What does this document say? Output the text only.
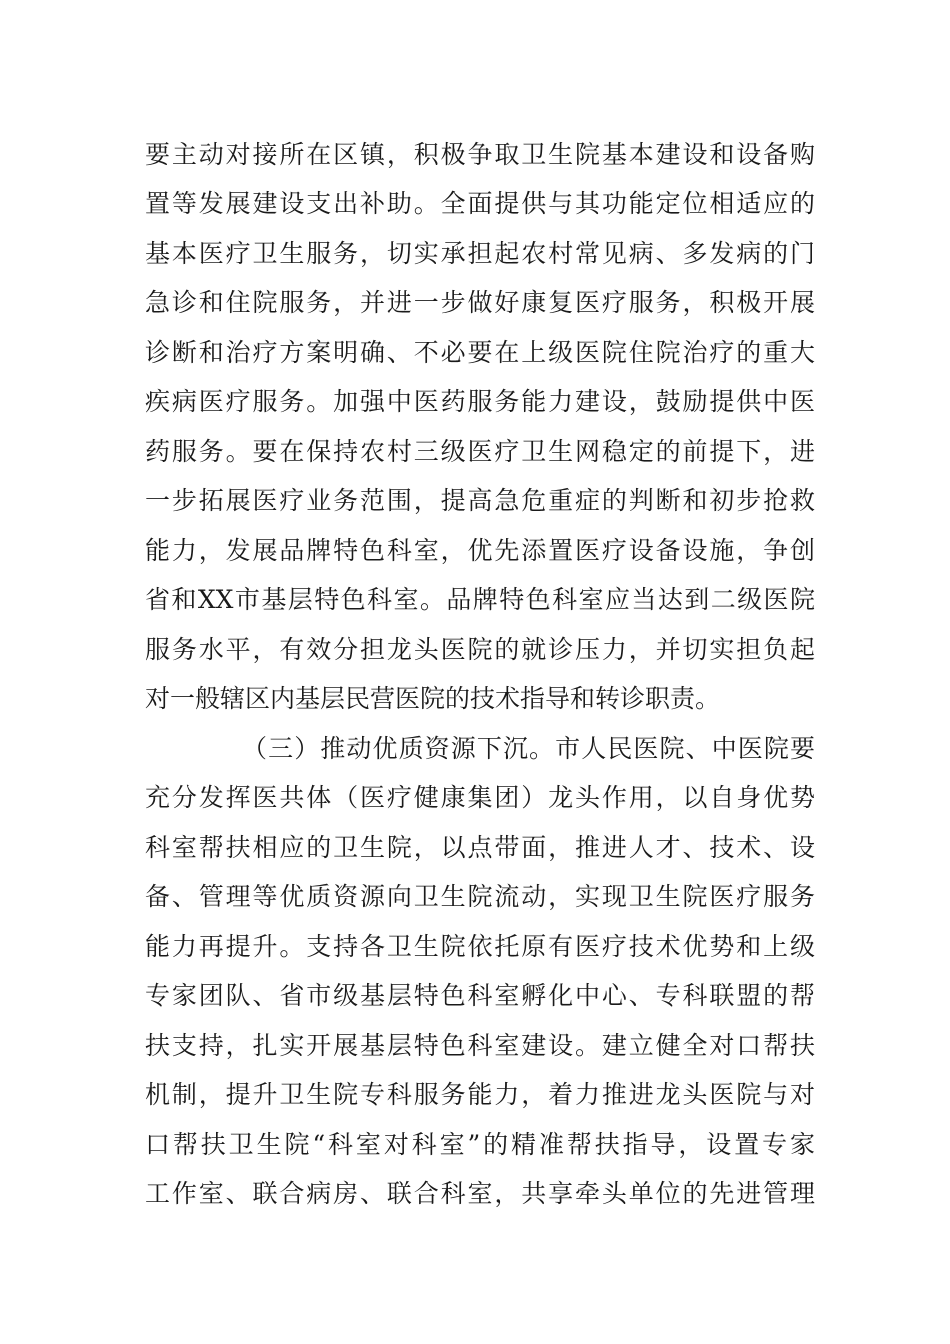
要主动对接所在区镇，积极争取卫生院基本建设和设备购
置等发展建设支出补助。全面提供与其功能定位相适应的
基本医疗卫生服务，切实承担起农村常见病、多发病的门
急诊和住院服务，并进一步做好康复医疗服务，积极开展
诊断和治疗方案明确、不必要在上级医院住院治疗的重大
疾病医疗服务。加强中医药服务能力建设，鼓励提供中医
药服务。要在保持农村三级医疗卫生网稳定的前提下，进
一步拓展医疗业务范围，提高急危重症的判断和初步抢救
能力，发展品牌特色科室，优先添置医疗设备设施，争创
省和XX市基层特色科室。品牌特色科室应当达到二级医院
服务水平，有效分担龙头医院的就诊压力，并切实担负起
对一般辖区内基层民营医院的技术指导和转诊职责。
（三）推动优质资源下沉。市人民医院、中医院要
充分发挥医共体（医疗健康集团）龙头作用，以自身优势
科室帮扶相应的卫生院，以点带面，推进人才、技术、设
备、管理等优质资源向卫生院流动，实现卫生院医疗服务
能力再提升。支持各卫生院依托原有医疗技术优势和上级
专家团队、省市级基层特色科室孵化中心、专科联盟的帮
扶支持，扎实开展基层特色科室建设。建立健全对口帮扶
机制，提升卫生院专科服务能力，着力推进龙头医院与对
口帮扶卫生院“科室对科室”的精准帮扶指导，设置专家
工作室、联合病房、联合科室，共享牵头单位的先进管理
